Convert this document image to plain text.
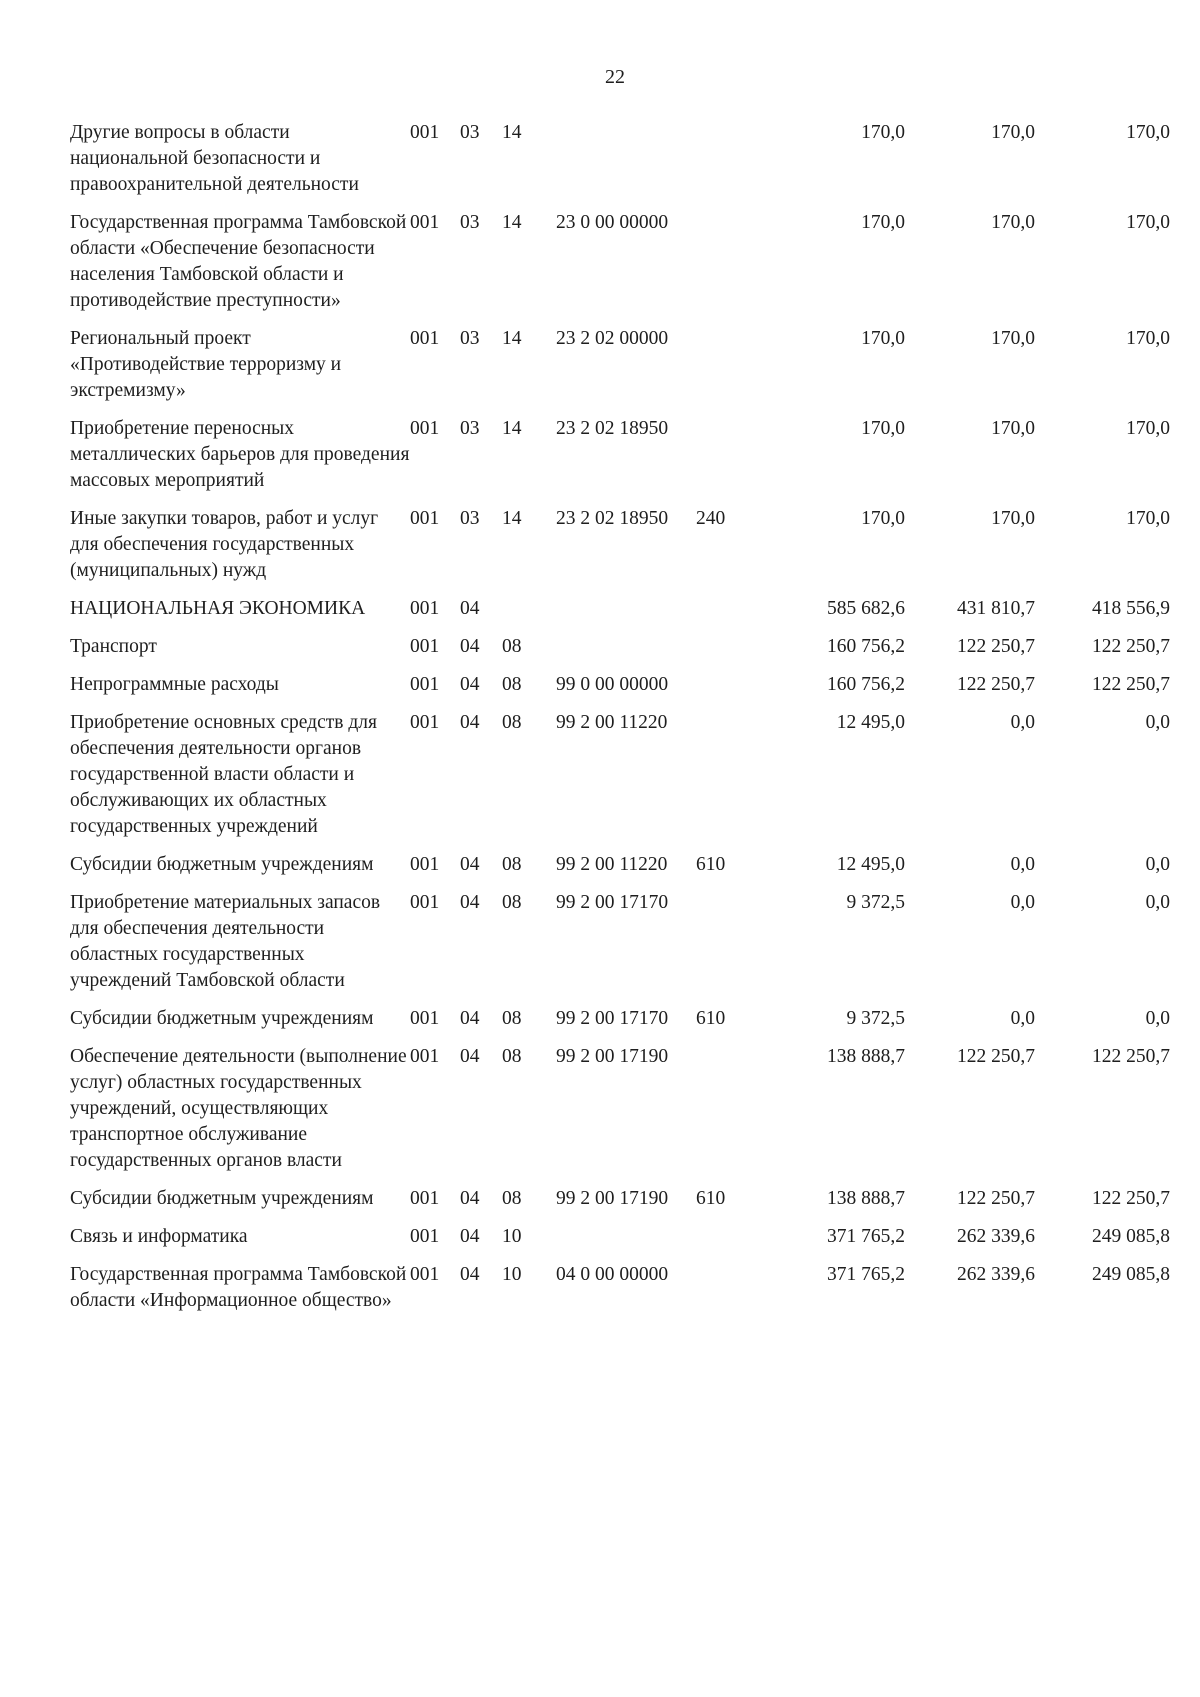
22
Другие вопросы в области национальной безопасности и правоохранительной деятельности	001	03	14			170,0	170,0	170,0
Государственная программа Тамбовской области «Обеспечение безопасности населения Тамбовской области и противодействие преступности»	001	03	14	23 0 00 00000		170,0	170,0	170,0
Региональный проект «Противодействие терроризму и экстремизму»	001	03	14	23 2 02 00000		170,0	170,0	170,0
Приобретение переносных металлических барьеров для проведения массовых мероприятий	001	03	14	23 2 02 18950		170,0	170,0	170,0
Иные закупки товаров, работ и услуг для обеспечения государственных (муниципальных) нужд	001	03	14	23 2 02 18950	240	170,0	170,0	170,0
НАЦИОНАЛЬНАЯ ЭКОНОМИКА	001	04				585 682,6	431 810,7	418 556,9
Транспорт	001	04	08			160 756,2	122 250,7	122 250,7
Непрограммные расходы	001	04	08	99 0 00 00000		160 756,2	122 250,7	122 250,7
Приобретение основных средств для обеспечения деятельности органов государственной власти области и обслуживающих их областных государственных учреждений	001	04	08	99 2 00 11220		12 495,0	0,0	0,0
Субсидии бюджетным учреждениям	001	04	08	99 2 00 11220	610	12 495,0	0,0	0,0
Приобретение материальных запасов для обеспечения деятельности областных государственных учреждений Тамбовской области	001	04	08	99 2 00 17170		9 372,5	0,0	0,0
Субсидии бюджетным учреждениям	001	04	08	99 2 00 17170	610	9 372,5	0,0	0,0
Обеспечение деятельности (выполнение услуг) областных государственных учреждений, осуществляющих транспортное обслуживание государственных органов власти	001	04	08	99 2 00 17190		138 888,7	122 250,7	122 250,7
Субсидии бюджетным учреждениям	001	04	08	99 2 00 17190	610	138 888,7	122 250,7	122 250,7
Связь и информатика	001	04	10			371 765,2	262 339,6	249 085,8
Государственная программа Тамбовской области «Информационное общество»	001	04	10	04 0 00 00000		371 765,2	262 339,6	249 085,8
